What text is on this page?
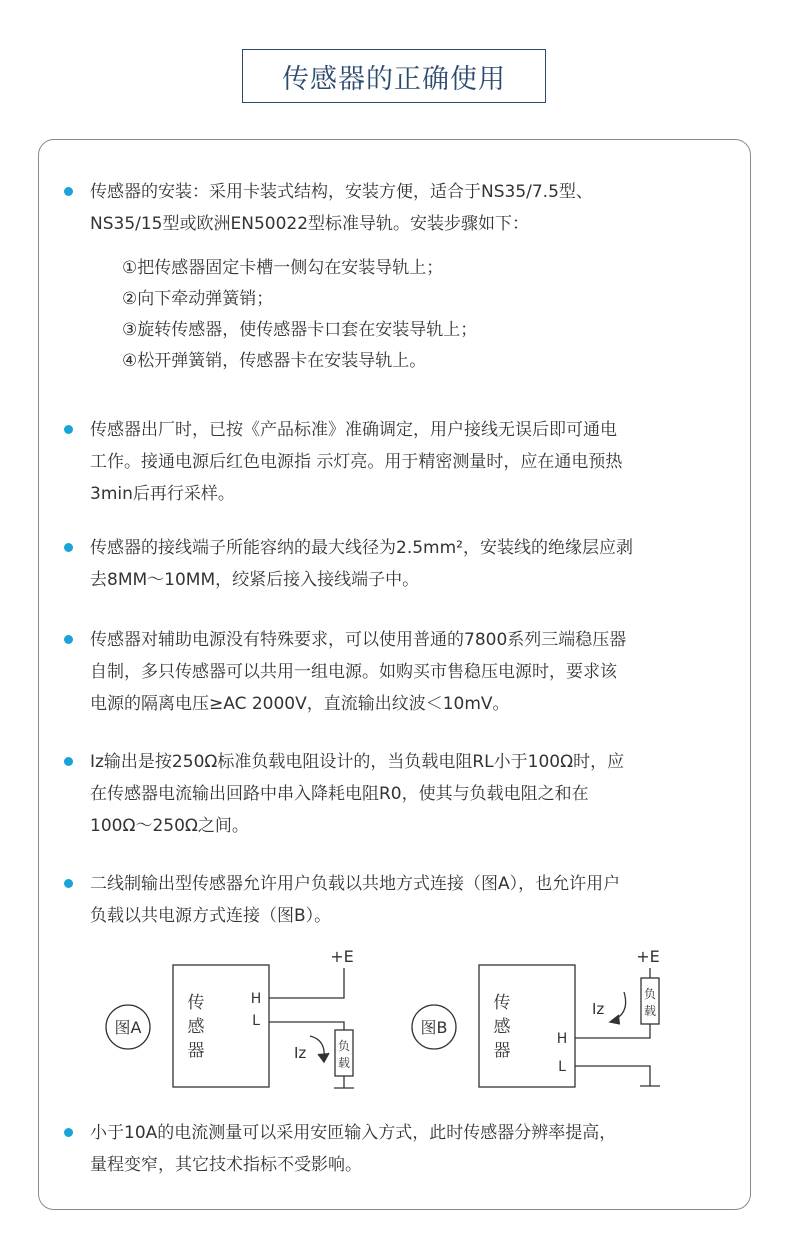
传感器的正确使用
传感器的安装：采用卡装式结构，安装方便，适合于NS35/7.5型、
NS35/15型或欧洲EN50022型标准导轨。安装步骤如下：
①把传感器固定卡槽一侧勾在安装导轨上；
②向下牵动弹簧销；
③旋转传感器，使传感器卡口套在安装导轨上；
④松开弹簧销，传感器卡在安装导轨上。
传感器出厂时，已按《产品标准》准确调定，用户接线无误后即可通电
工作。接通电源后红色电源指 示灯亮。用于精密测量时，应在通电预热
3min后再行采样。
传感器的接线端子所能容纳的最大线径为2.5mm²，安装线的绝缘层应剥
去8MM～10MM，绞紧后接入接线端子中。
传感器对辅助电源没有特殊要求，可以使用普通的7800系列三端稳压器
自制，多只传感器可以共用一组电源。如购买市售稳压电源时，要求该
电源的隔离电压≥AC 2000V，直流输出纹波＜10mV。
Iz输出是按250Ω标准负载电阻设计的，当负载电阻RL小于100Ω时，应
在传感器电流输出回路中串入降耗电阻R0，使其与负载电阻之和在
100Ω～250Ω之间。
二线制输出型传感器允许用户负载以共地方式连接（图A），也允许用户
负载以共电源方式连接（图B）。
图A
传
感
器
H
L
+E
负
载
Iz
图B
传
感
器
H
L
+E
负
载
Iz
小于10A的电流测量可以采用安匝输入方式，此时传感器分辨率提高，
量程变窄，其它技术指标不受影响。
